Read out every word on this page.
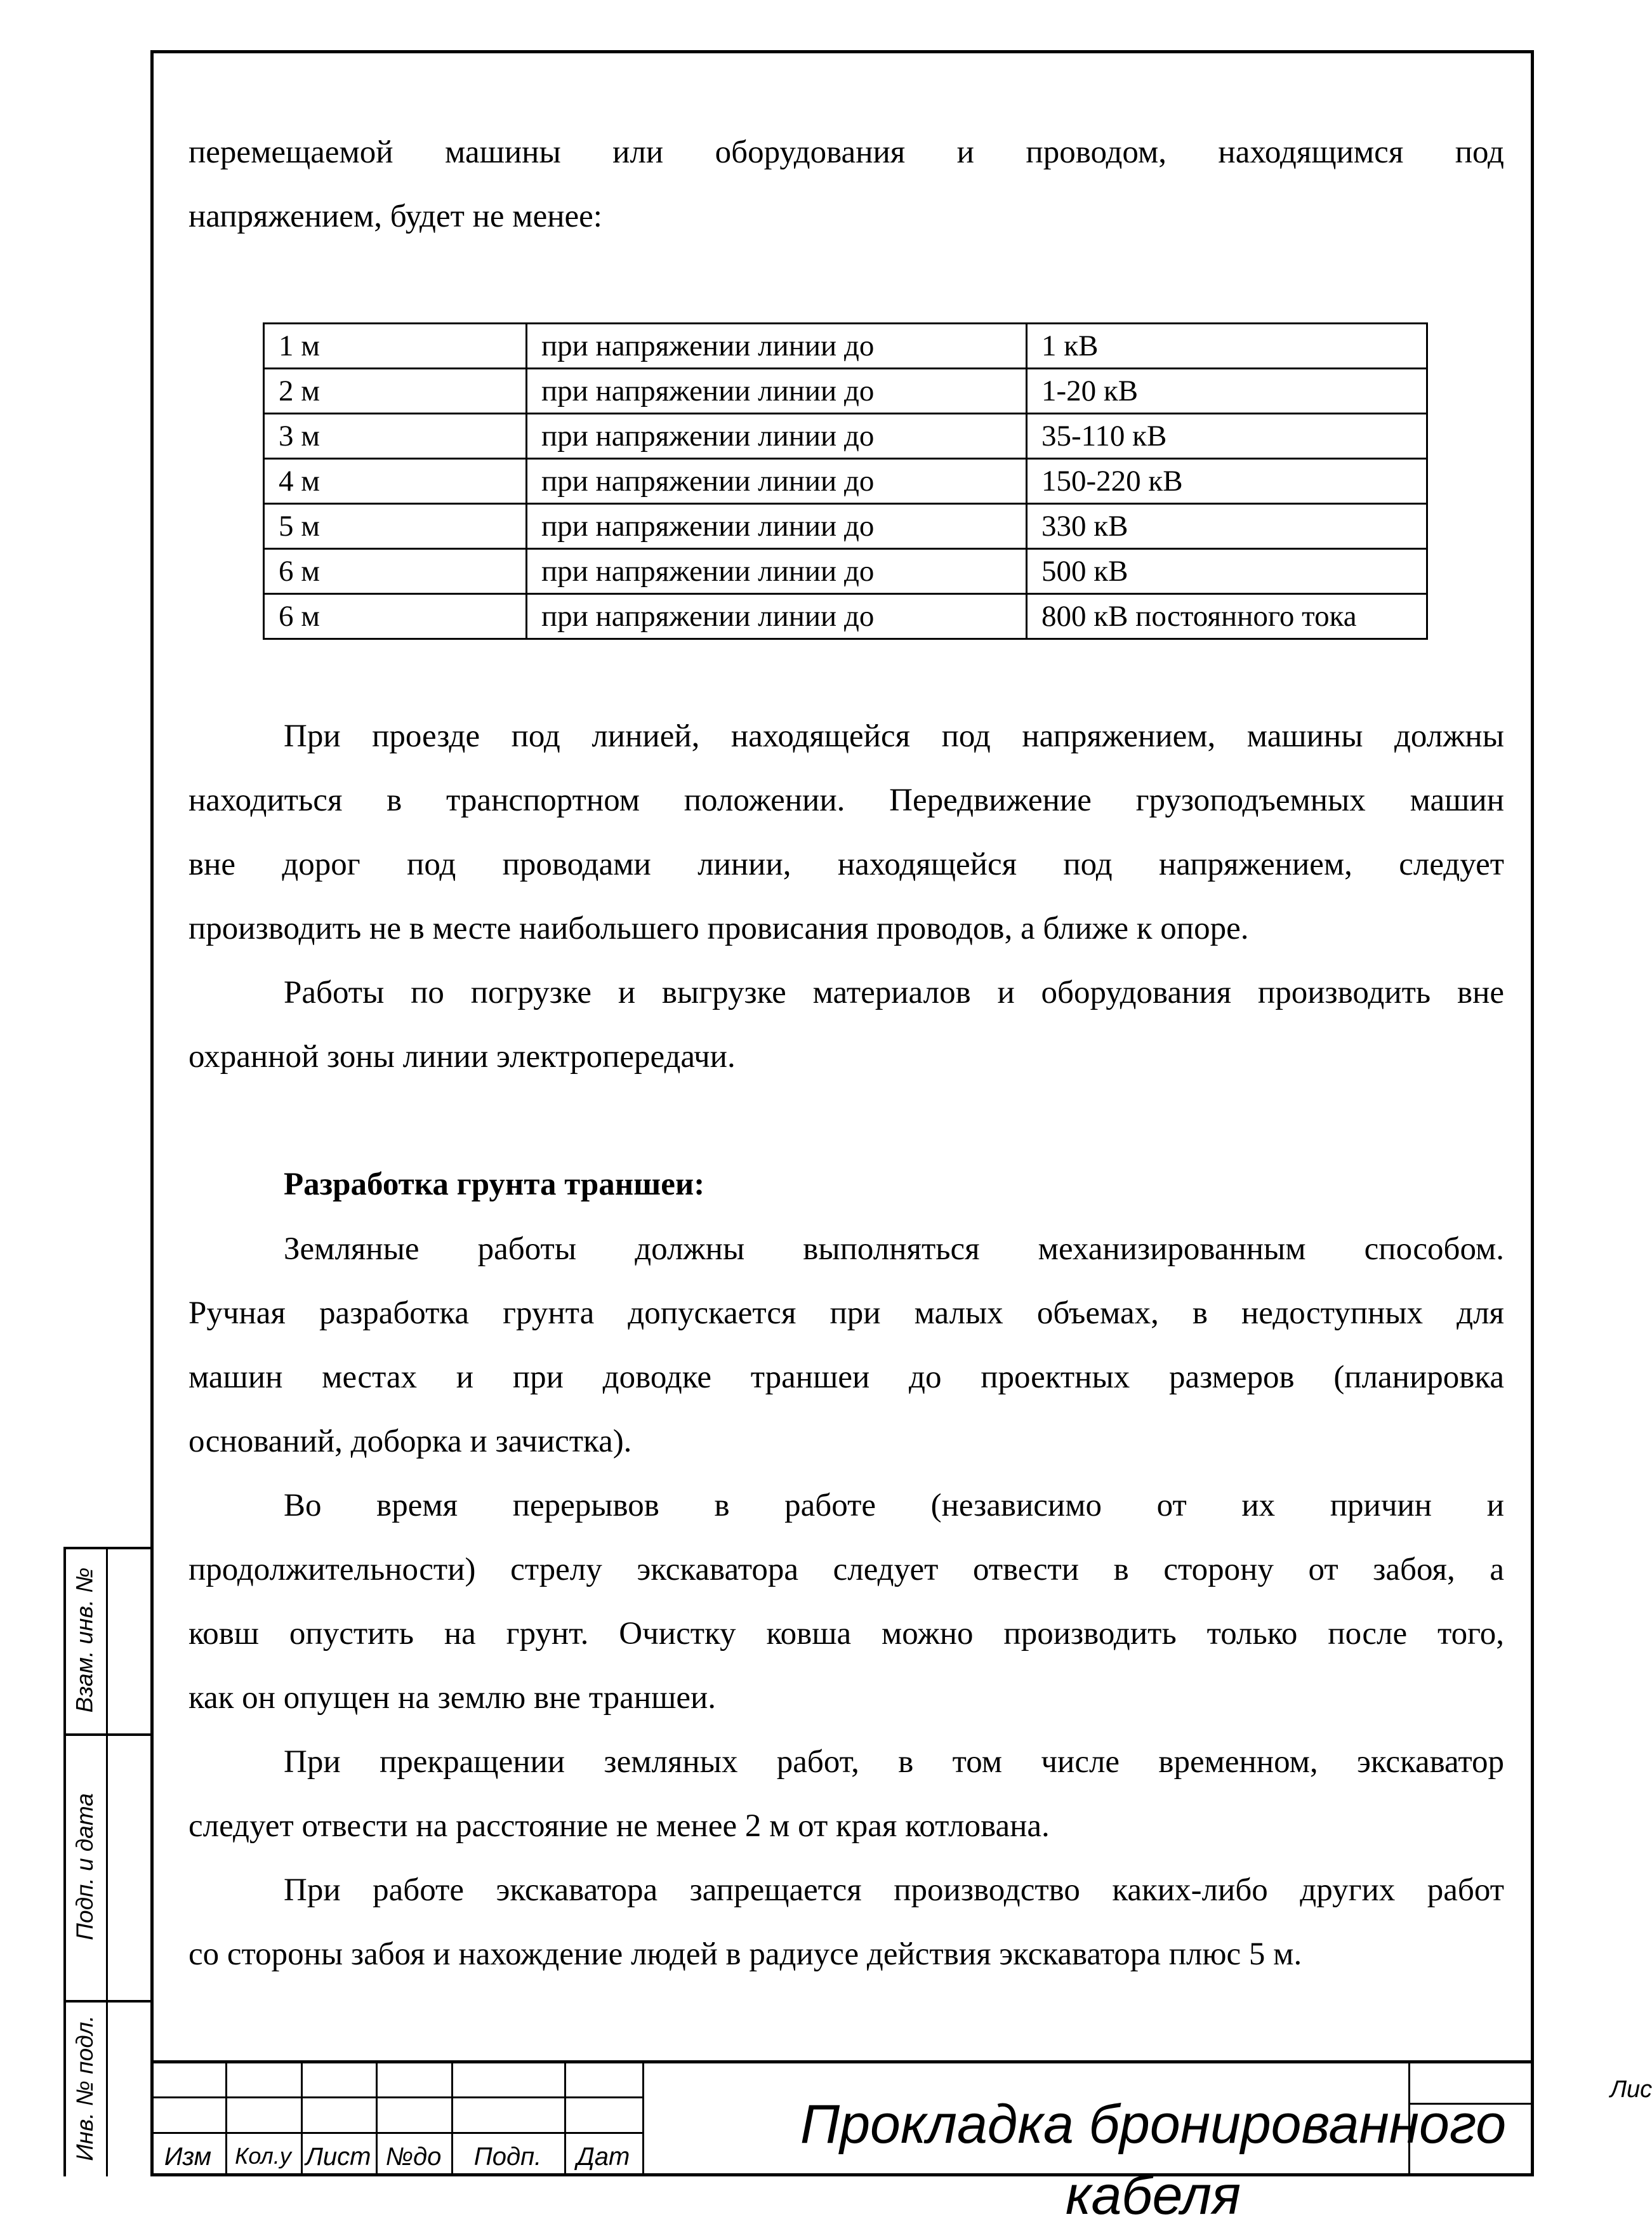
Взам. инв. №
Подп. и дата
Инв. № подл.
перемещаемой машины или оборудования и проводом, находящимся под
напряжением, будет не менее:
1 м	при напряжении линии до	1 кВ
2 м	при напряжении линии до	1-20 кВ
3 м	при напряжении линии до	35-110 кВ
4 м	при напряжении линии до	150-220 кВ
5 м	при напряжении линии до	330 кВ
6 м	при напряжении линии до	500 кВ
6 м	при напряжении линии до	800 кВ постоянного тока
При проезде под линией, находящейся под напряжением, машины должны
находиться в транспортном положении. Передвижение грузоподъемных машин
вне дорог под проводами линии, находящейся под напряжением, следует
производить не в месте наибольшего провисания проводов, а ближе к опоре.
Работы по погрузке и выгрузке материалов и оборудования производить вне
охранной зоны линии электропередачи.
Разработка грунта траншеи:
Земляные работы должны выполняться механизированным способом.
Ручная разработка грунта допускается при малых объемах, в недоступных для
машин местах и при доводке траншеи до проектных размеров (планировка
оснований, доборка и зачистка).
Во время перерывов в работе (независимо от их причин и
продолжительности) стрелу экскаватора следует отвести в сторону от забоя, а
ковш опустить на грунт. Очистку ковша можно производить только после того,
как он опущен на землю вне траншеи.
При прекращении земляных работ, в том числе временном, экскаватор
следует отвести на расстояние не менее 2 м от края котлована.
При работе экскаватора запрещается производство каких-либо других работ
со стороны забоя и нахождение людей в радиусе действия экскаватора плюс 5 м.
Изм	Кол.у Лист №до	Подп.	Дат
Прокладка бронированного кабеля
Лис
